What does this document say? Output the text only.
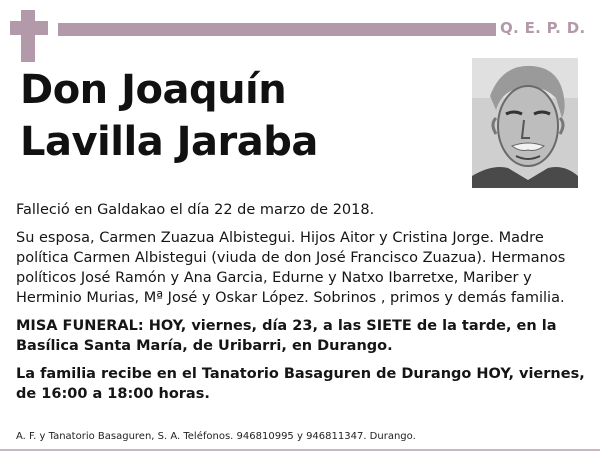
Q. E. P. D.
Don Joaquín
Lavilla Jaraba

Falleció en Galdakao el día 22 de marzo de 2018.

Su esposa, Carmen Zuazua Albistegui. Hijos Aitor y Cristina Jorge. Madre política Carmen Albistegui (viuda de don José Francisco Zuazua). Hermanos políticos José Ramón y Ana Garcia, Edurne y Natxo Ibarretxe, Mariber y Herminio Murias, Mª José y Oskar López. Sobrinos , primos y demás familia.

MISA FUNERAL: HOY, viernes, día 23, a las SIETE de la tarde, en la Basílica Santa María, de Uribarri, en Durango.

La familia recibe en el Tanatorio Basaguren de Durango HOY, viernes, de 16:00 a 18:00 horas.

A. F. y Tanatorio Basaguren, S. A. Teléfonos. 946810995 y 946811347. Durango.
